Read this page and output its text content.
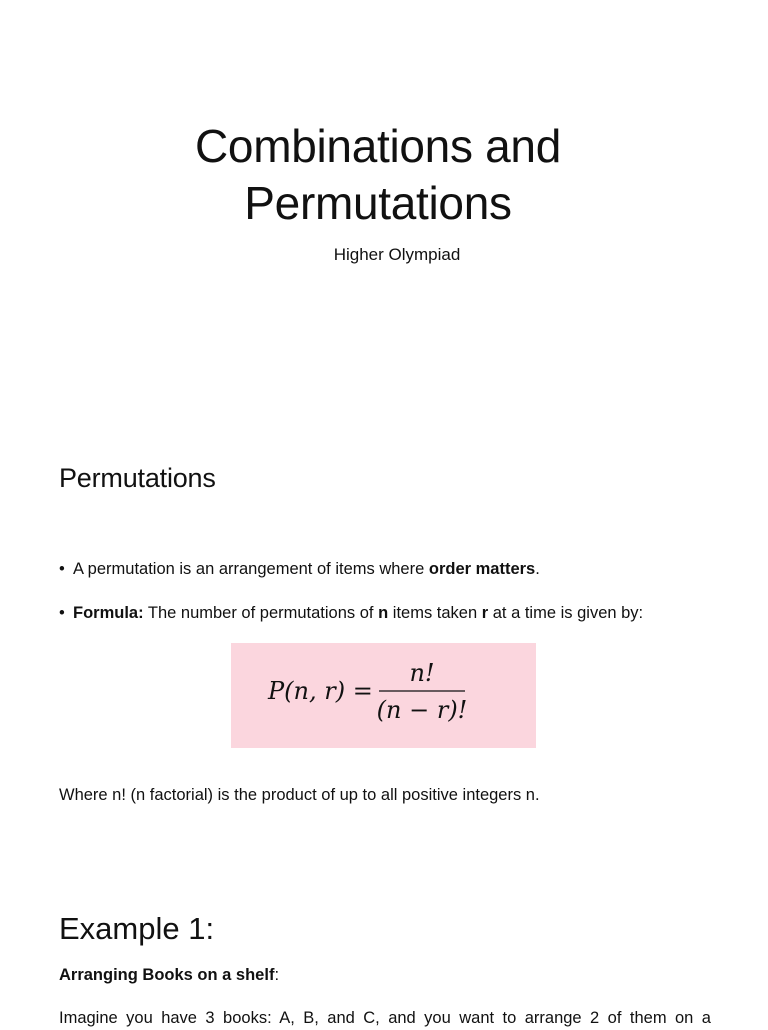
Combinations and
Permutations

Higher Olympiad

Permutations
• A permutation is an arrangement of items where order matters.
• Formula: The number of permutations of n items taken r at a time is given by:
P(n, r) =
n!
(n − r)!

Where n! (n factorial) is the product of up to all positive integers n.

Example 1:

Arranging Books on a shelf:

Imagine you have 3 books: A, B, and C, and you want to arrange 2 of them on a
